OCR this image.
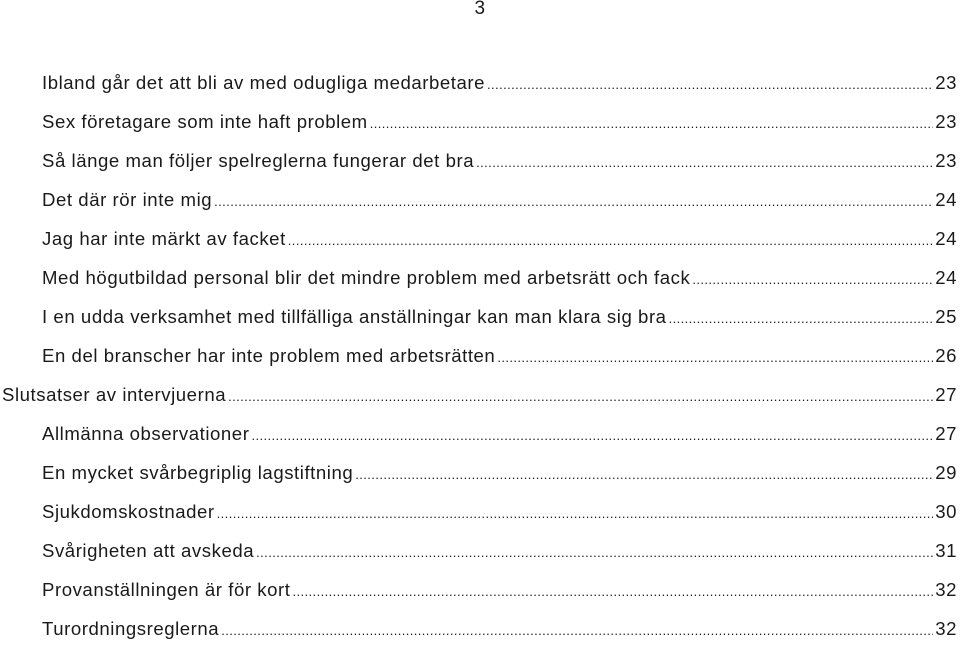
3
Ibland går det att bli av med odugliga medarbetare .....	23
Sex företagare som inte haft problem .....	23
Så länge man följer spelreglerna fungerar det bra .....	23
Det där rör inte mig .....	24
Jag har inte märkt av facket .....	24
Med högutbildad personal blir det mindre problem med arbetsrätt och fack .....	24
I en udda verksamhet med tillfälliga anställningar kan man klara sig bra .....	25
En del branscher har inte problem med arbetsrätten .....	26
Slutsatser av intervjuerna .....	27
Allmänna observationer .....	27
En mycket svårbegriplig lagstiftning .....	29
Sjukdomskostnader .....	30
Svårigheten att avskeda .....	31
Provanställningen är för kort .....	32
Turordningsreglerna .....	32
